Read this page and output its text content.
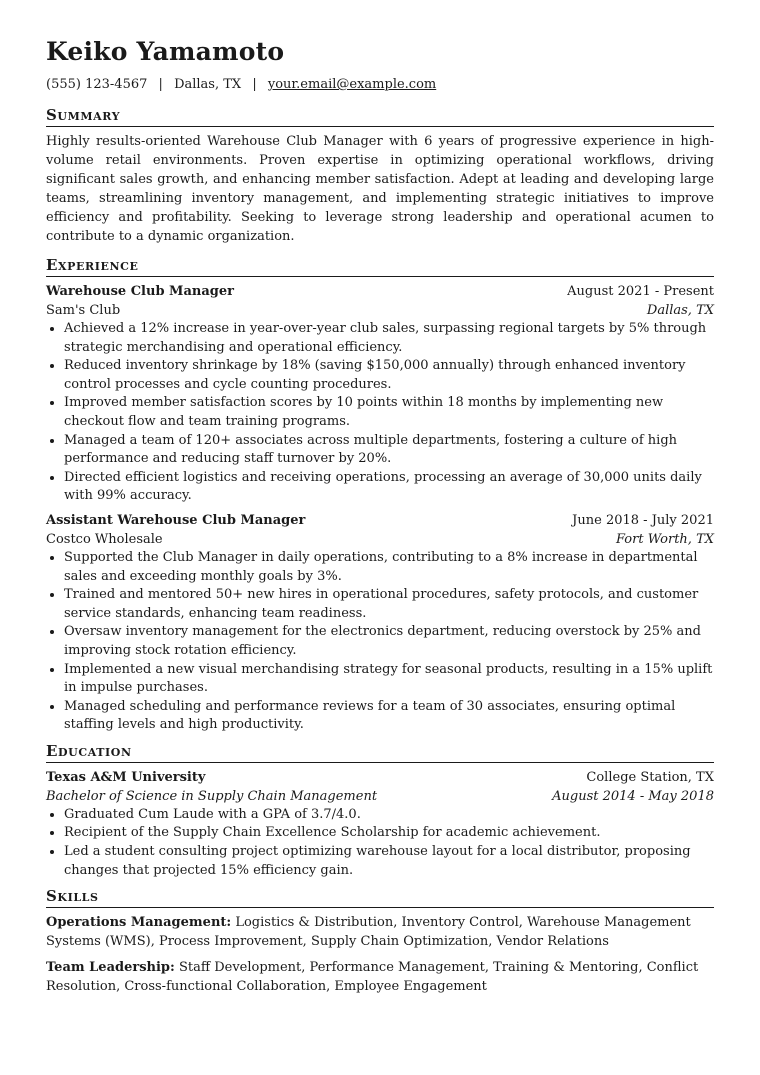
Keiko Yamamoto
(555) 123-4567 | Dallas, TX | your.email@example.com
Summary

Highly results-oriented Warehouse Club Manager with 6 years of progressive experience in high-volume retail environments. Proven expertise in optimizing operational workflows, driving significant sales growth, and enhancing member satisfaction. Adept at leading and developing large teams, streamlining inventory management, and implementing strategic initiatives to improve efficiency and profitability. Seeking to leverage strong leadership and operational acumen to contribute to a dynamic organization.

Experience
Warehouse Club Manager	August 2021 - Present
Sam's Club	Dallas, TX
• Achieved a 12% increase in year-over-year club sales, surpassing regional targets by 5% through strategic merchandising and operational efficiency.
• Reduced inventory shrinkage by 18% (saving $150,000 annually) through enhanced inventory control processes and cycle counting procedures.
• Improved member satisfaction scores by 10 points within 18 months by implementing new checkout flow and team training programs.
• Managed a team of 120+ associates across multiple departments, fostering a culture of high performance and reducing staff turnover by 20%.
• Directed efficient logistics and receiving operations, processing an average of 30,000 units daily with 99% accuracy.
Assistant Warehouse Club Manager	June 2018 - July 2021
Costco Wholesale	Fort Worth, TX
• Supported the Club Manager in daily operations, contributing to a 8% increase in departmental sales and exceeding monthly goals by 3%.
• Trained and mentored 50+ new hires in operational procedures, safety protocols, and customer service standards, enhancing team readiness.
• Oversaw inventory management for the electronics department, reducing overstock by 25% and improving stock rotation efficiency.
• Implemented a new visual merchandising strategy for seasonal products, resulting in a 15% uplift in impulse purchases.
• Managed scheduling and performance reviews for a team of 30 associates, ensuring optimal staffing levels and high productivity.
Education
Texas A&M University	College Station, TX
Bachelor of Science in Supply Chain Management	August 2014 - May 2018
• Graduated Cum Laude with a GPA of 3.7/4.0.
• Recipient of the Supply Chain Excellence Scholarship for academic achievement.
• Led a student consulting project optimizing warehouse layout for a local distributor, proposing changes that projected 15% efficiency gain.
Skills
Operations Management: Logistics & Distribution, Inventory Control, Warehouse Management Systems (WMS), Process Improvement, Supply Chain Optimization, Vendor Relations
Team Leadership: Staff Development, Performance Management, Training & Mentoring, Conflict Resolution, Cross-functional Collaboration, Employee Engagement
